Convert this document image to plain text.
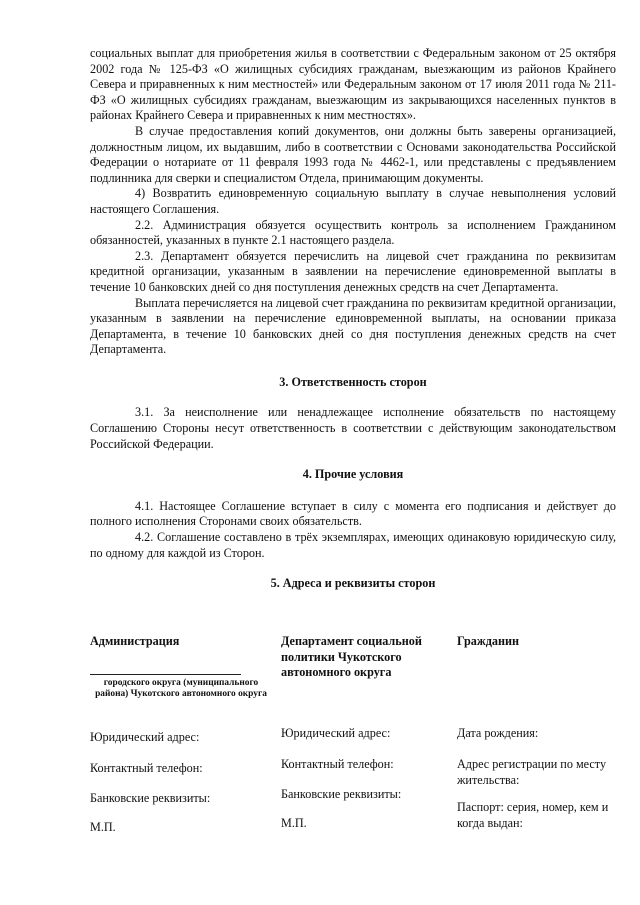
социальных выплат для приобретения жилья в соответствии с Федеральным законом от 25 октября 2002 года № 125-ФЗ «О жилищных субсидиях гражданам, выезжающим из районов Крайнего Севера и приравненных к ним местностей» или Федеральным законом от 17 июля 2011 года № 211-ФЗ «О жилищных субсидиях гражданам, выезжающим из закрывающихся населенных пунктов в районах Крайнего Севера и приравненных к ним местностях».

В случае предоставления копий документов, они должны быть заверены организацией, должностным лицом, их выдавшим, либо в соответствии с Основами законодательства Российской Федерации о нотариате от 11 февраля 1993 года № 4462-1, или представлены с предъявлением подлинника для сверки и специалистом Отдела, принимающим документы.

4) Возвратить единовременную социальную выплату в случае невыполнения условий настоящего Соглашения.

2.2. Администрация обязуется осуществить контроль за исполнением Гражданином обязанностей, указанных в пункте 2.1 настоящего раздела.

2.3. Департамент обязуется перечислить на лицевой счет гражданина по реквизитам кредитной организации, указанным в заявлении на перечисление единовременной выплаты в течение 10 банковских дней со дня поступления денежных средств на счет Департамента.

Выплата перечисляется на лицевой счет гражданина по реквизитам кредитной организации, указанным в заявлении на перечисление единовременной выплаты, на основании приказа Департамента, в течение 10 банковских дней со дня поступления денежных средств на счет Департамента.

3. Ответственность сторон

3.1. За неисполнение или ненадлежащее исполнение обязательств по настоящему Соглашению Стороны несут ответственность в соответствии с действующим законодательством Российской Федерации.

4. Прочие условия

4.1. Настоящее Соглашение вступает в силу с момента его подписания и действует до полного исполнения Сторонами своих обязательств.

4.2. Соглашение составлено в трёх экземплярах, имеющих одинаковую юридическую силу, по одному для каждой из Сторон.

5. Адреса и реквизиты сторон

Администрация
городского округа (муниципального района) Чукотского автономного округа
Департамент социальной политики Чукотского автономного округа
Гражданин
Юридический адрес:
Контактный телефон:
Банковские реквизиты:
М.П.
Юридический адрес:
Контактный телефон:
Банковские реквизиты:
М.П.
Дата рождения:
Адрес регистрации по месту жительства:
Паспорт: серия, номер, кем и когда выдан:
